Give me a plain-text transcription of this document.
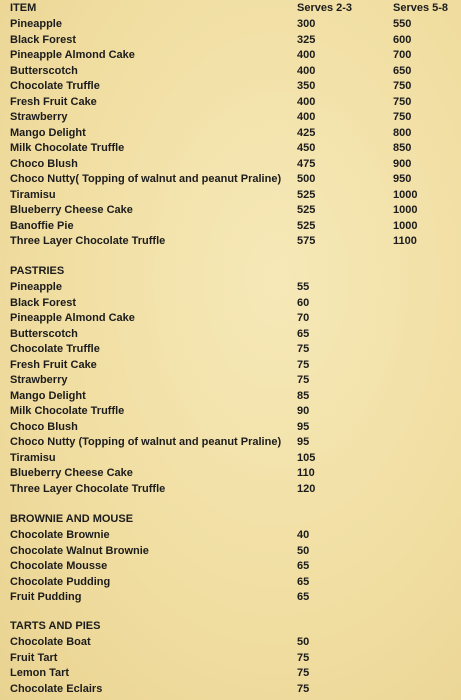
ITEM	Serves 2-3	Serves 5-8
Pineapple	300	550
Black Forest	325	600
Pineapple Almond Cake	400	700
Butterscotch	400	650
Chocolate Truffle	350	750
Fresh Fruit Cake	400	750
Strawberry	400	750
Mango Delight	425	800
Milk Chocolate Truffle	450	850
Choco Blush	475	900
Choco Nutty( Topping of walnut and peanut Praline) 500	950
Tiramisu	525	1000
Blueberry Cheese Cake	525	1000
Banoffie Pie	525	1000
Three Layer Chocolate Truffle	575	1100
PASTRIES
Pineapple	55
Black Forest	60
Pineapple Almond Cake	70
Butterscotch	65
Chocolate Truffle	75
Fresh Fruit Cake	75
Strawberry	75
Mango Delight	85
Milk Chocolate Truffle	90
Choco Blush	95
Choco Nutty (Topping of walnut and peanut Praline) 95
Tiramisu	105
Blueberry Cheese Cake	110
Three Layer Chocolate Truffle	120
BROWNIE AND MOUSE
Chocolate Brownie	40
Chocolate Walnut Brownie	50
Chocolate Mousse	65
Chocolate Pudding	65
Fruit Pudding	65
TARTS AND PIES
Chocolate Boat	50
Fruit Tart	75
Lemon Tart	75
Chocolate Eclairs	75
